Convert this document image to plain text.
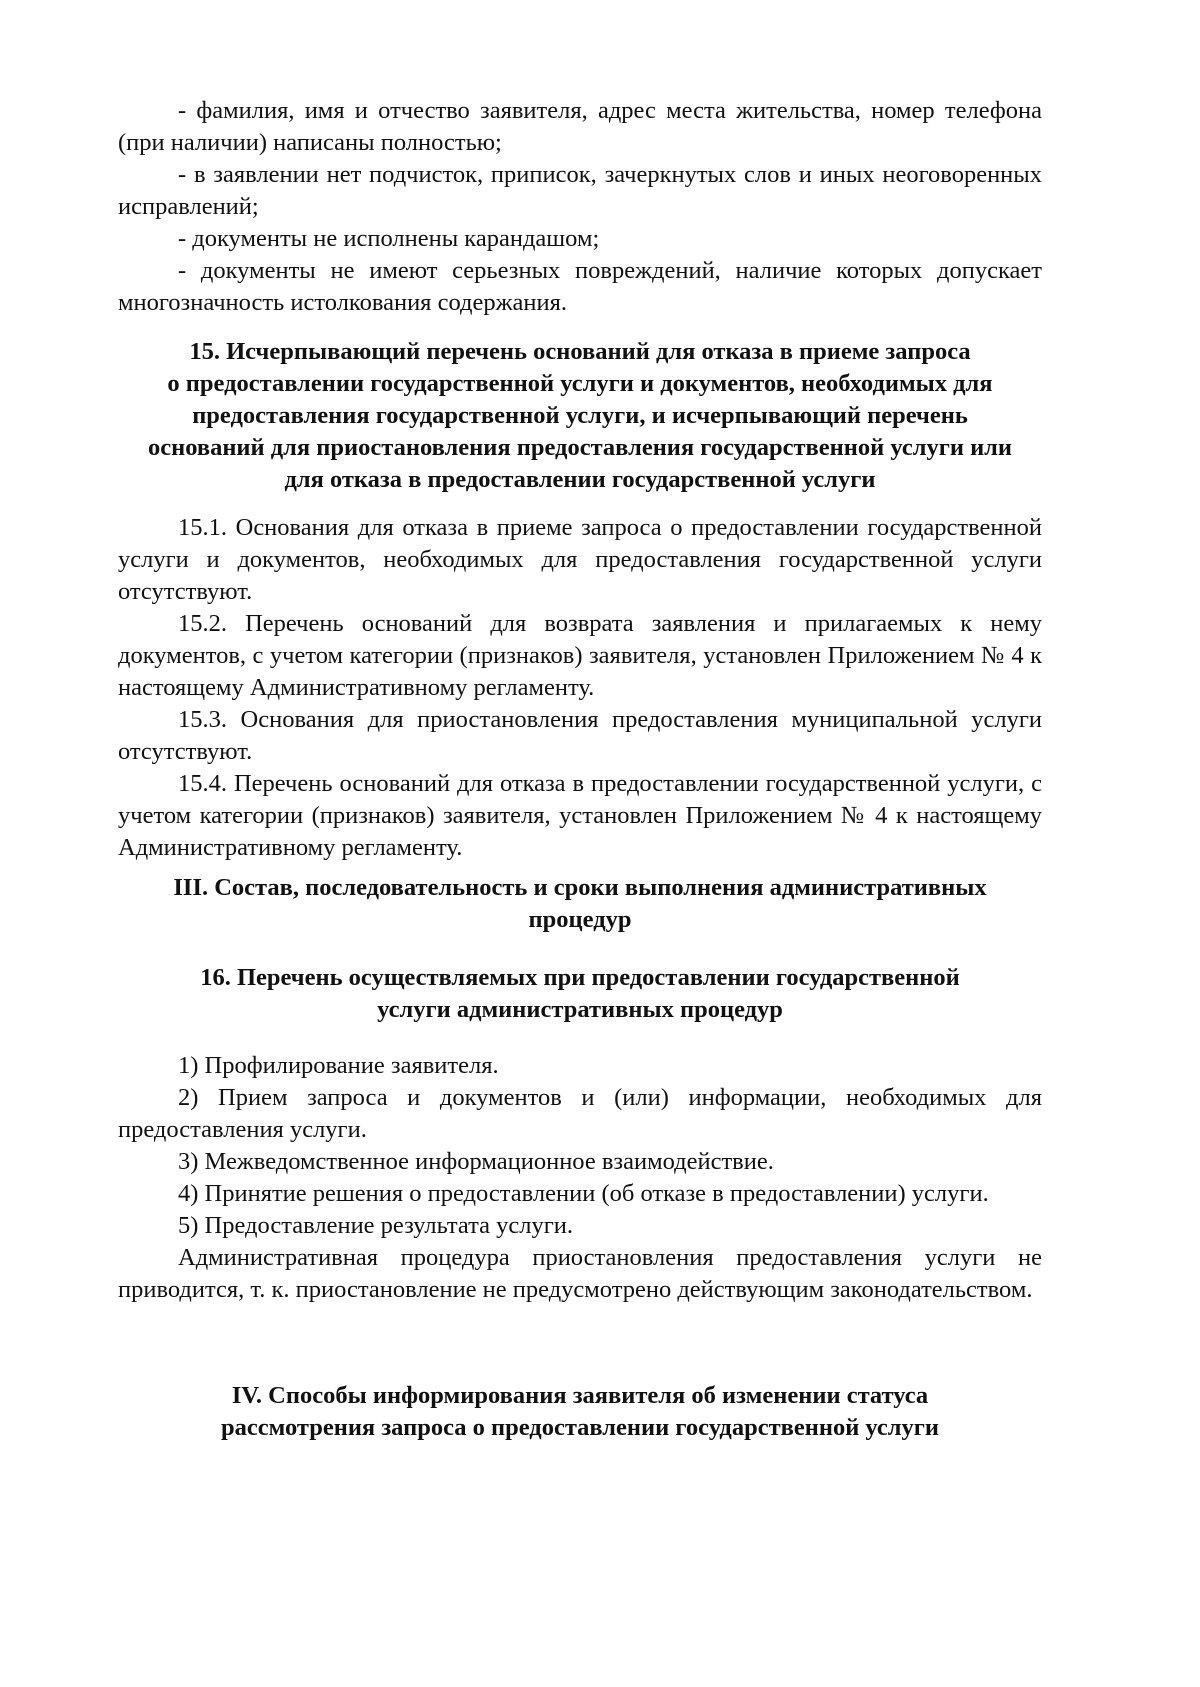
- фамилия, имя и отчество заявителя, адрес места жительства, номер телефона (при наличии) написаны полностью;

- в заявлении нет подчисток, приписок, зачеркнутых слов и иных неоговоренных исправлений;

- документы не исполнены карандашом;

- документы не имеют серьезных повреждений, наличие которых допускает многозначность истолкования содержания.

15. Исчерпывающий перечень оснований для отказа в приеме запроса

о предоставлении государственной услуги и документов, необходимых для

предоставления государственной услуги, и исчерпывающий перечень

оснований для приостановления предоставления государственной услуги или

для отказа в предоставлении государственной услуги

15.1. Основания для отказа в приеме запроса о предоставлении государственной услуги и документов, необходимых для предоставления государственной услуги отсутствуют.

15.2. Перечень оснований для возврата заявления и прилагаемых к нему документов, с учетом категории (признаков) заявителя, установлен Приложением № 4 к настоящему Административному регламенту.

15.3. Основания для приостановления предоставления муниципальной услуги отсутствуют.

15.4. Перечень оснований для отказа в предоставлении государственной услуги, с учетом категории (признаков) заявителя, установлен Приложением № 4 к настоящему Административному регламенту.

III. Состав, последовательность и сроки выполнения административных

процедур

16. Перечень осуществляемых при предоставлении государственной

услуги административных процедур

1) Профилирование заявителя.

2) Прием запроса и документов и (или) информации, необходимых для предоставления услуги.

3) Межведомственное информационное взаимодействие.

4) Принятие решения о предоставлении (об отказе в предоставлении) услуги.

5) Предоставление результата услуги.

Административная процедура приостановления предоставления услуги не приводится, т. к. приостановление не предусмотрено действующим законодательством.

IV. Способы информирования заявителя об изменении статуса

рассмотрения запроса о предоставлении государственной услуги
